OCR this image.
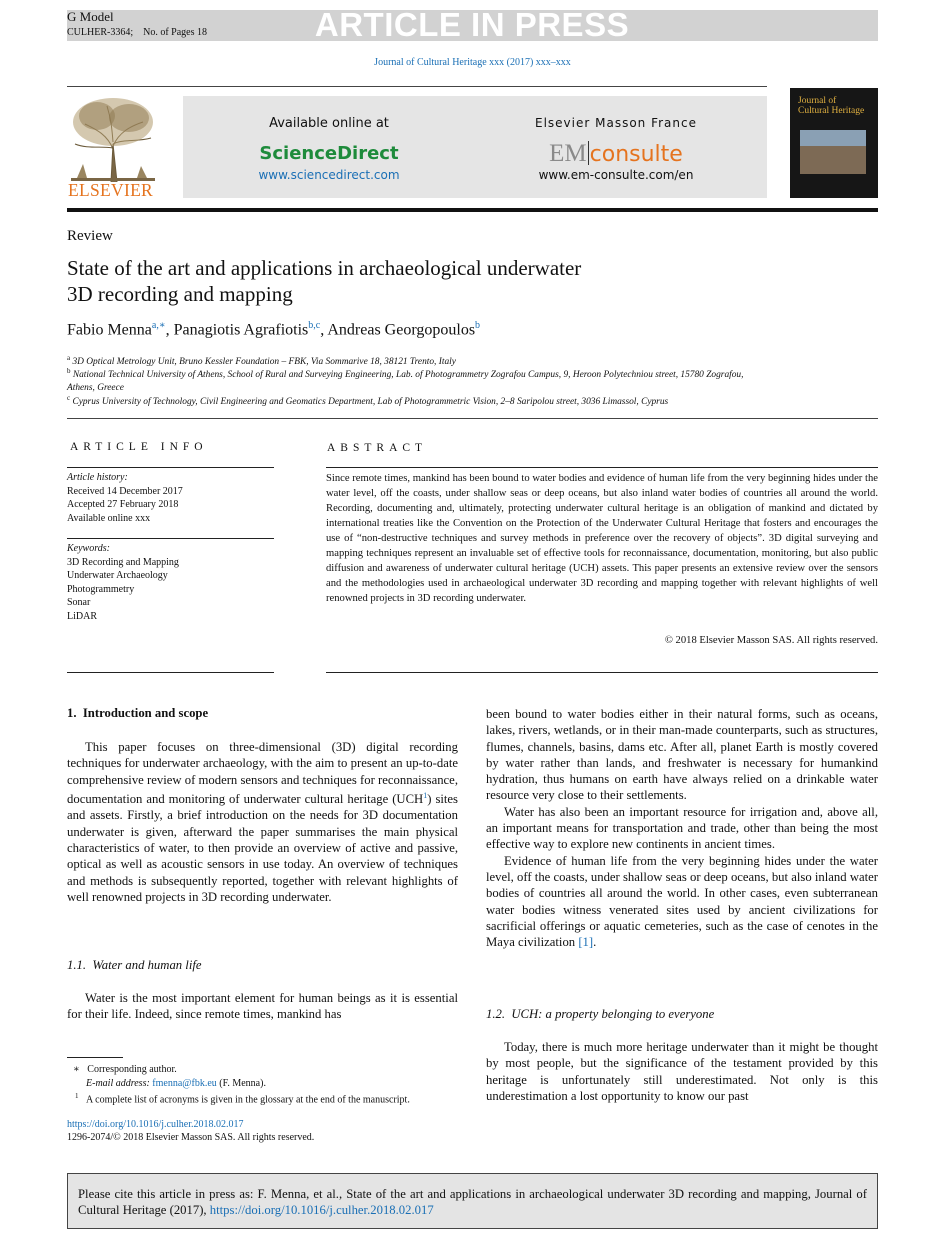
G Model
CULHER-3364;    No. of Pages 18	ARTICLE IN PRESS
Journal of Cultural Heritage xxx (2017) xxx–xxx
ELSEVIER
Available online at
ScienceDirect
www.sciencedirect.com
Elsevier Masson France
EM consulte
www.em-consulte.com/en
Journal of
Cultural Heritage
Review
State of the art and applications in archaeological underwater
3D recording and mapping
Fabio Menna$^{a,∗}$, Panagiotis Agrafiotis$^{b,c}$, Andreas Georgopoulos$^b$
$^a$ 3D Optical Metrology Unit, Bruno Kessler Foundation – FBK, Via Sommarive 18, 38121 Trento, Italy
$^b$ National Technical University of Athens, School of Rural and Surveying Engineering, Lab. of Photogrammetry Zografou Campus, 9, Heroon Polytechniou street, 15780 Zografou, Athens, Greece
$^c$ Cyprus University of Technology, Civil Engineering and Geomatics Department, Lab of Photogrammetric Vision, 2–8 Saripolou street, 3036 Limassol, Cyprus
ARTICLE INFO
Article history:
Received 14 December 2017
Accepted 27 February 2018
Available online xxx
Keywords:
3D Recording and Mapping
Underwater Archaeology
Photogrammetry
Sonar
LiDAR
ABSTRACT
Since remote times, mankind has been bound to water bodies and evidence of human life from the very beginning hides under the water level, off the coasts, under shallow seas or deep oceans, but also inland water bodies of countries all around the world. Recording, documenting and, ultimately, protecting underwater cultural heritage is an obligation of mankind and dictated by international treaties like the Convention on the Protection of the Underwater Cultural Heritage that fosters and encourages the use of “non-destructive techniques and survey methods in preference over the recovery of objects”. 3D digital surveying and mapping techniques represent an invaluable set of effective tools for reconnaissance, documentation, monitoring, but also public diffusion and awareness of underwater cultural heritage (UCH) assets. This paper presents an extensive review over the sensors and the methodologies used in archaeological underwater 3D recording and mapping together with relevant highlights of well renowned projects in 3D recording underwater.
© 2018 Elsevier Masson SAS. All rights reserved.
1.  Introduction and scope

This paper focuses on three-dimensional (3D) digital recording techniques for underwater archaeology, with the aim to present an up-to-date comprehensive review of modern sensors and techniques for reconnaissance, documentation and monitoring of underwater cultural heritage (UCH$^1$) sites and assets. Firstly, a brief introduction on the needs for 3D documentation underwater is given, afterward the paper summarises the main physical characteristics of water, to then provide an overview of active and passive, optical as well as acoustic sensors in use today. An overview of techniques and methods is subsequently reported, together with relevant highlights of well renowned projects in 3D recording underwater.

1.1.  Water and human life

Water is the most important element for human beings as it is essential for their life. Indeed, since remote times, mankind has

been bound to water bodies either in their natural forms, such as oceans, lakes, rivers, wetlands, or in their man-made counterparts, such as structures, flumes, channels, basins, dams etc. After all, planet Earth is mostly covered by water rather than lands, and freshwater is necessary for humankind hydration, thus humans on earth have always relied on a drinkable water resource very close to their settlements.

Water has also been an important resource for irrigation and, above all, an important means for transportation and trade, other than being the most effective way to explore new continents in ancient times.

Evidence of human life from the very beginning hides under the water level, off the coasts, under shallow seas or deep oceans, but also inland water bodies of countries all around the world. In other cases, even subterranean water bodies witness venerated sites used by ancient civilizations for sacrificial offerings or aquatic cemeteries, such as the case of cenotes in the Maya civilization [1].

1.2.  UCH: a property belonging to everyone

Today, there is much more heritage underwater than it might be thought by most people, but the significance of the testament provided by this heritage is unfortunately still underestimated. Not only is this underestimation a lost opportunity to know our past

∗ Corresponding author.
E-mail address: fmenna@fbk.eu (F. Menna).
$^1$ A complete list of acronyms is given in the glossary at the end of the manuscript.
https://doi.org/10.1016/j.culher.2018.02.017
1296-2074/© 2018 Elsevier Masson SAS. All rights reserved.
Please cite this article in press as: F. Menna, et al., State of the art and applications in archaeological underwater 3D recording and mapping, Journal of Cultural Heritage (2017), https://doi.org/10.1016/j.culher.2018.02.017
